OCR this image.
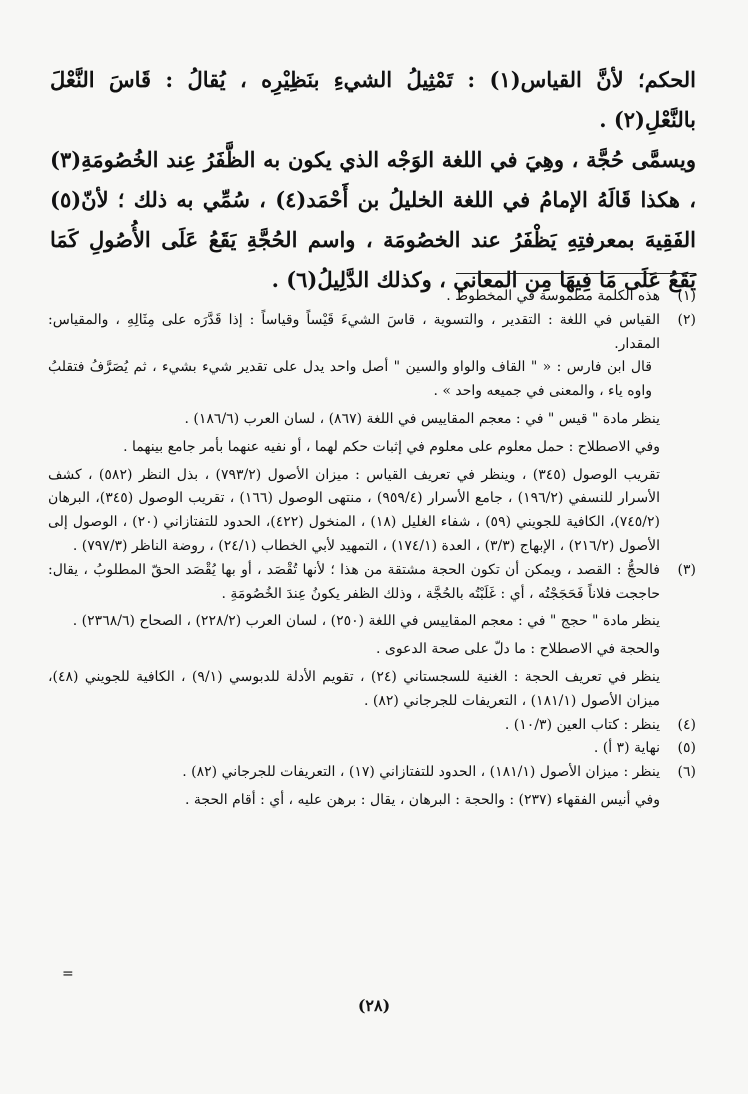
الحكم؛ لأنَّ القياس(١) : تَمْثِيلُ الشيءِ بنَظِيْرِه ، يُقالُ : قَاسَ النَّعْلَ بالنَّعْلِ(٢) .

ويسمَّى حُجَّة ، وهِيَ في اللغة الوَجْه الذي يكون به الظَّفَرُ عِند الخُصُومَةِ(٣) ، هكذا قَالَهُ الإمامُ في اللغة الخليلُ بن أَحْمَد(٤) ، سُمِّي به ذلك ؛ لأنّ(٥) الفَقِيهَ بمعرفتِهِ يَظْفَرُ عند الخصُومَة ، واسم الحُجَّةِ يَقَعُ عَلَى الأُصُولِ كَمَا يَقَعُ عَلَى مَا فِيهَا مِن المعاني ، وكذلك الدَّلِيلُ(٦) .

(١)

هذه الكلمة مطموسة في المخطوط .

(٢)

القياس في اللغة : التقدير ، والتسوية ، قاسَ الشيءَ قَيْساً وقياساً : إذا قَدَّرَه على مِثَالِهِ ، والمقياس: المقدار.

قال ابن فارس : « " القاف والواو والسين " أصل واحد يدل على تقدير شيء بشيء ، ثم يُصَرَّفُ فتقلبُ واوه ياء ، والمعنى في جميعه واحد » .

ينظر مادة " قيس " في : معجم المقاييس في اللغة (٨٦٧) ، لسان العرب (١٨٦/٦) .

وفي الاصطلاح : حمل معلوم على معلوم في إثبات حكم لهما ، أو نفيه عنهما بأمر جامع بينهما .

تقريب الوصول (٣٤٥) ، وينظر في تعريف القياس : ميزان الأصول (٧٩٣/٢) ، بذل النظر (٥٨٢) ، كشف الأسرار للنسفي (١٩٦/٢) ، جامع الأسرار (٩٥٩/٤) ، منتهى الوصول (١٦٦) ، تقريب الوصول (٣٤٥)، البرهان (٧٤٥/٢)، الكافية للجويني (٥٩) ، شفاء الغليل (١٨) ، المنخول (٤٢٢)، الحدود للتفتازاني (٢٠) ، الوصول إلى الأصول (٢١٦/٢) ، الإبهاج (٣/٣) ، العدة (١٧٤/١) ، التمهيد لأبي الخطاب (٢٤/١) ، روضة الناظر (٧٩٧/٣) .

(٣)

فالحجُّ : القصد ، ويمكن أن تكون الحجة مشتقة من هذا ؛ لأنها تُقْصَد ، أو بها يُقْصَد الحقّ المطلوبُ ، يقال: حاججت فلاناً فَحَجَجْتُه ، أي : غَلَبْتُه بالحُجَّة ، وذلك الظفر يكونُ عِندَ الخُصُومَةِ .

ينظر مادة " حجج " في : معجم المقاييس في اللغة (٢٥٠) ، لسان العرب (٢٢٨/٢) ، الصحاح (٢٣٦٨/٦) .

والحجة في الاصطلاح : ما دلّ على صحة الدعوى .

ينظر في تعريف الحجة : الغنية للسجستاني (٢٤) ، تقويم الأدلة للدبوسي (٩/١) ، الكافية للجويني (٤٨)، ميزان الأصول (١٨١/١) ، التعريفات للجرجاني (٨٢) .

(٤)

ينظر : كتاب العين (١٠/٣) .

(٥)

نهاية (٣ أ) .

(٦)

ينظر : ميزان الأصول (١٨١/١) ، الحدود للتفتازاني (١٧) ، التعريفات للجرجاني (٨٢) .

وفي أنيس الفقهاء (٢٣٧) : والحجة : البرهان ، يقال : برهن عليه ، أي : أقام الحجة .

=
(٢٨)
